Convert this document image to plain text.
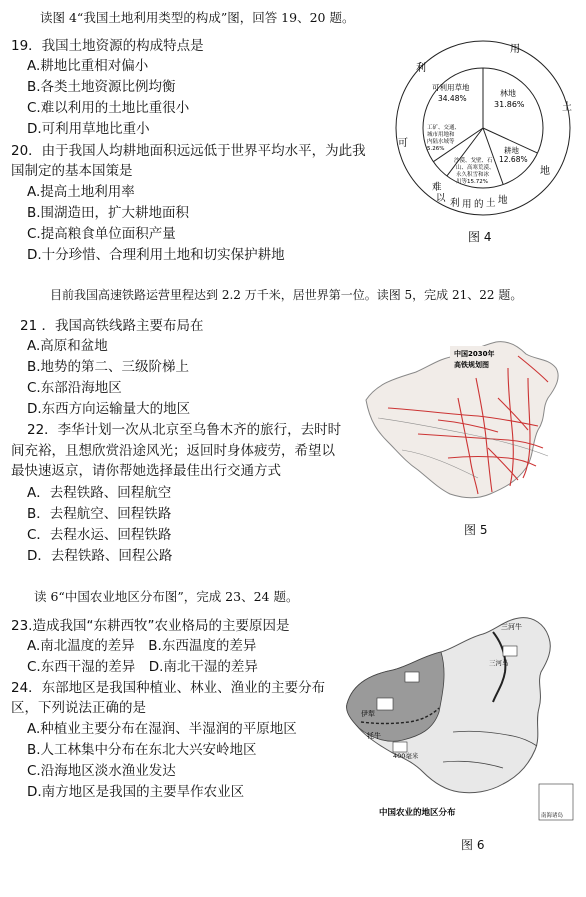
读图 4“我国土地利用类型的构成”图，回答 19、20 题。
19．我国土地资源的构成特点是
A.耕地比重相对偏小
B.各类土地资源比例均衡
C.难以利用的土地比重很小
D.可利用草地比重小
20．由于我国人均耕地面积远远低于世界平均水平，为此我
国制定的基本国策是
A.提高土地利用率
B.围湖造田，扩大耕地面积
C.提高粮食单位面积产量
D.十分珍惜、合理利用土地和切实保护耕地
林地
31.86%
耕地
12.68%
沙漠、戈壁、石
山、高寒荒漠、
永久积雪和冰
川等15.72%
工矿、交通、
城市用地和
内陆水域等
5.26%
可利用草地
34.48%
用
土
地
利
可
难
以 利 用 的 土 地
图 4
目前我国高速铁路运营里程达到 2.2 万千米，居世界第一位。读图 5，完成 21、22 题。
21 ．我国高铁线路主要布局在
A.高原和盆地
B.地势的第二、三级阶梯上
C.东部沿海地区
D.东西方向运输量大的地区
22．李华计划一次从北京至乌鲁木齐的旅行，去时时
间充裕，且想欣赏沿途风光；返回时身体疲劳，希望以
最快速返京，请你帮她选择最佳出行交通方式
A．去程铁路、回程航空
B．去程航空、回程铁路
C．去程水运、回程铁路
D．去程铁路、回程公路
中国2030年
高铁规划图
图 5
读 6“中国农业地区分布图”，完成 23、24 题。
23.造成我国“东耕西牧”农业格局的主要原因是
A.南北温度的差异　B.东西温度的差异
C.东西干湿的差异　D.南北干湿的差异
24．东部地区是我国种植业、林业、渔业的主要分布
区，下列说法正确的是
A.种植业主要分布在湿润、半湿润的平原地区
B.人工林集中分布在东北大兴安岭地区
C.沿海地区淡水渔业发达
D.南方地区是我国的主要旱作农业区
三河牛
三河马
伊犁
牦牛
400毫米
南海诸岛
中国农业的地区分布
图 6
